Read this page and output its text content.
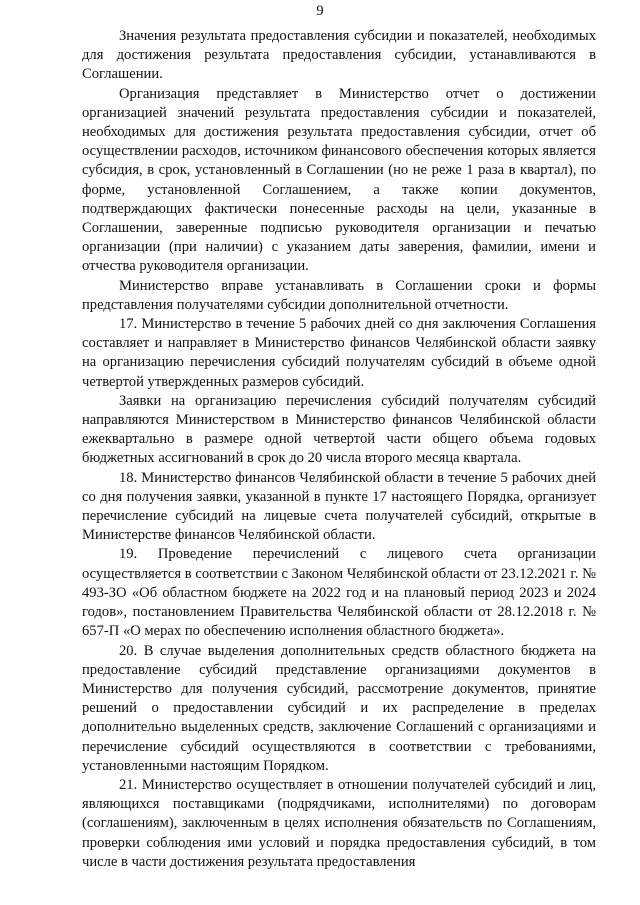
9

Значения результата предоставления субсидии и показателей, необходимых для достижения результата предоставления субсидии, устанавливаются в Соглашении.

Организация представляет в Министерство отчет о достижении организацией значений результата предоставления субсидии и показателей, необходимых для достижения результата предоставления субсидии, отчет об осуществлении расходов, источником финансового обеспечения которых является субсидия, в срок, установленный в Соглашении (но не реже 1 раза в квартал), по форме, установленной Соглашением, а также копии документов, подтверждающих фактически понесенные расходы на цели, указанные в Соглашении, заверенные подписью руководителя организации и печатью организации (при наличии) с указанием даты заверения, фамилии, имени и отчества руководителя организации.

Министерство вправе устанавливать в Соглашении сроки и формы представления получателями субсидии дополнительной отчетности.

17. Министерство в течение 5 рабочих дней со дня заключения Соглашения составляет и направляет в Министерство финансов Челябинской области заявку на организацию перечисления субсидий получателям субсидий в объеме одной четвертой утвержденных размеров субсидий.

Заявки на организацию перечисления субсидий получателям субсидий направляются Министерством в Министерство финансов Челябинской области ежеквартально в размере одной четвертой части общего объема годовых бюджетных ассигнований в срок до 20 числа второго месяца квартала.

18. Министерство финансов Челябинской области в течение 5 рабочих дней со дня получения заявки, указанной в пункте 17 настоящего Порядка, организует перечисление субсидий на лицевые счета получателей субсидий, открытые в Министерстве финансов Челябинской области.

19. Проведение перечислений с лицевого счета организации осуществляется в соответствии с Законом Челябинской области от 23.12.2021 г. № 493-ЗО «Об областном бюджете на 2022 год и на плановый период 2023 и 2024 годов», постановлением Правительства Челябинской области от 28.12.2018 г. № 657-П «О мерах по обеспечению исполнения областного бюджета».

20. В случае выделения дополнительных средств областного бюджета на предоставление субсидий представление организациями документов в Министерство для получения субсидий, рассмотрение документов, принятие решений о предоставлении субсидий и их распределение в пределах дополнительно выделенных средств, заключение Соглашений с организациями и перечисление субсидий осуществляются в соответствии с требованиями, установленными настоящим Порядком.

21. Министерство осуществляет в отношении получателей субсидий и лиц, являющихся поставщиками (подрядчиками, исполнителями) по договорам (соглашениям), заключенным в целях исполнения обязательств по Соглашениям, проверки соблюдения ими условий и порядка предоставления субсидий, в том числе в части достижения результата предоставления
